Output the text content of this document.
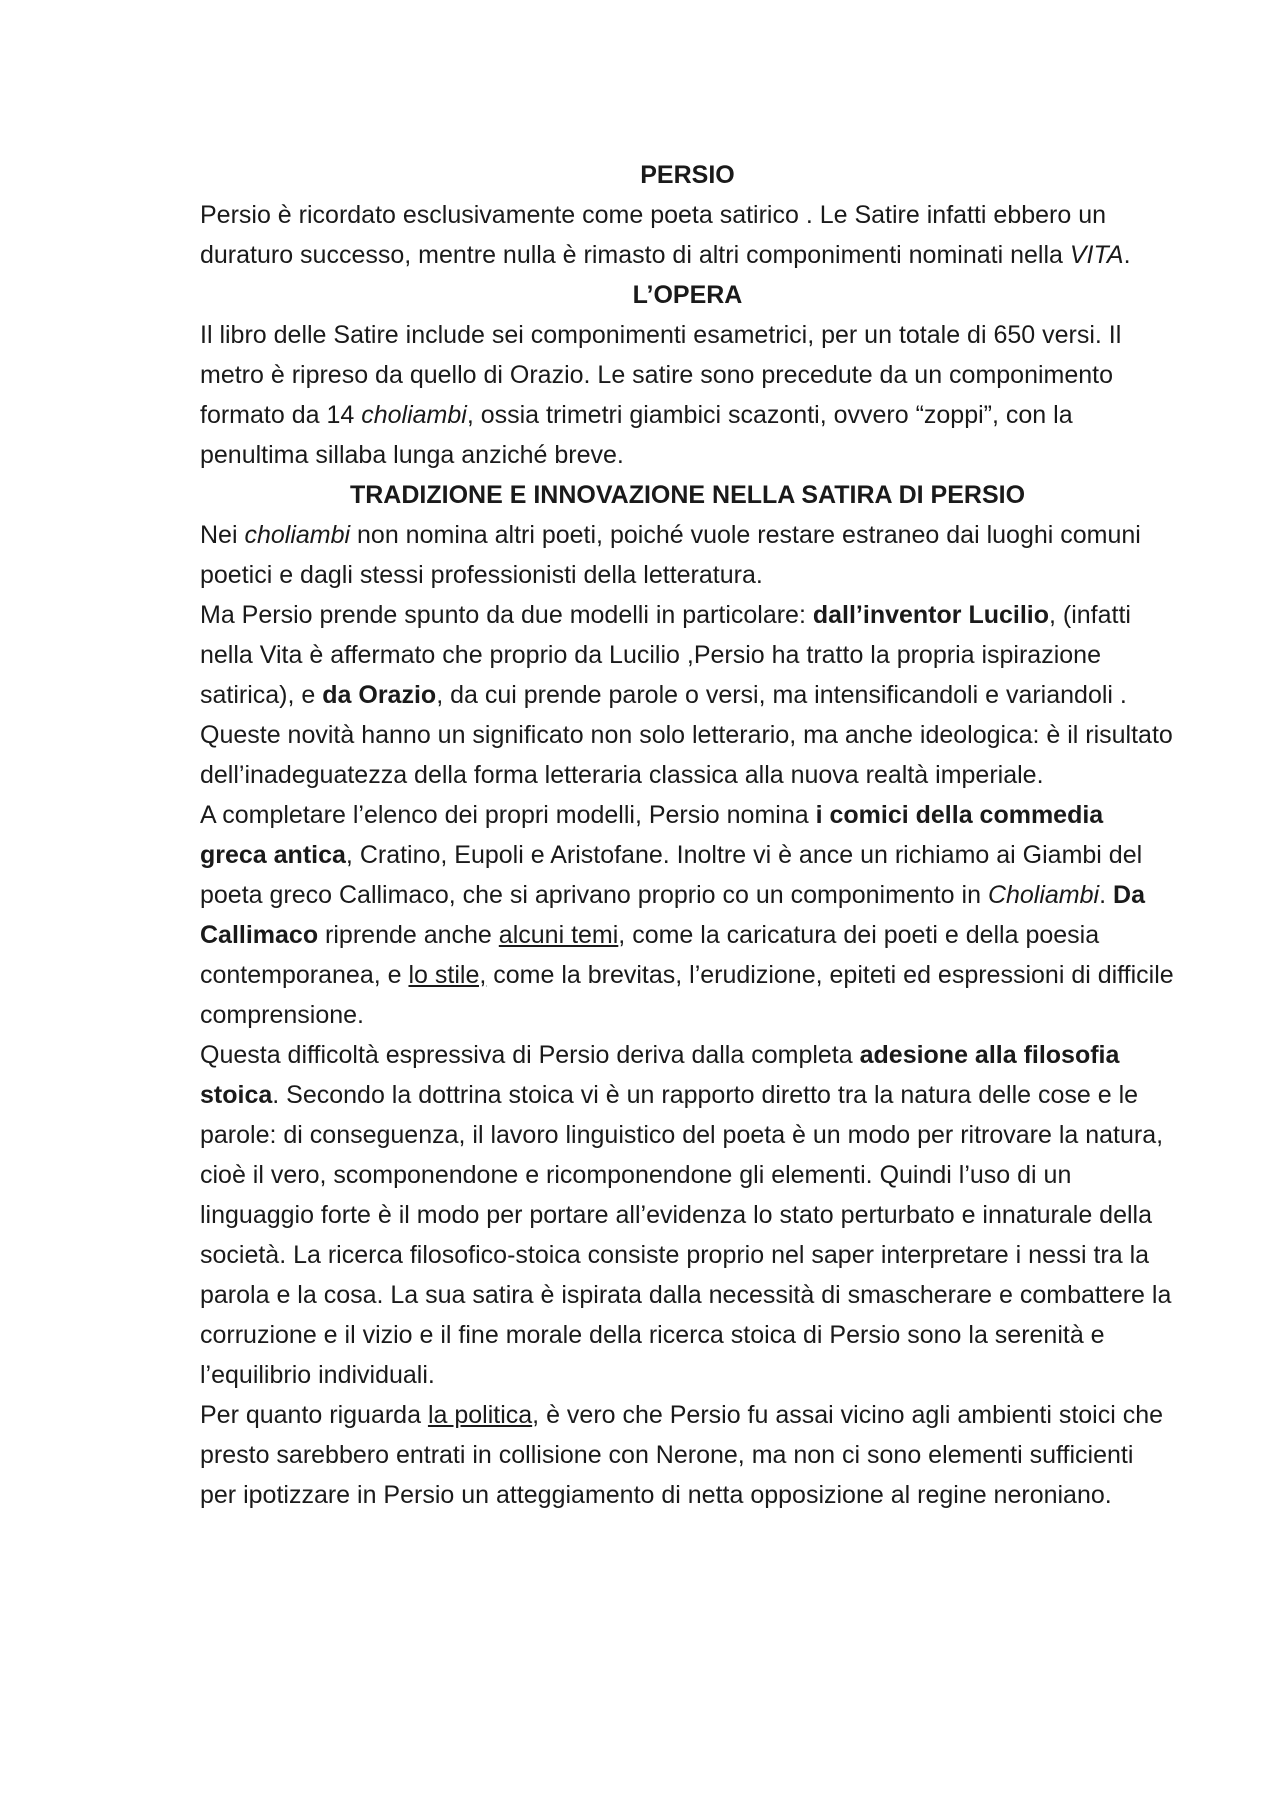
PERSIO

Persio è ricordato esclusivamente come poeta satirico . Le Satire infatti ebbero un duraturo successo, mentre nulla è rimasto di altri componimenti nominati nella VITA.

L’OPERA

Il libro delle Satire include sei componimenti esametrici, per un totale di 650 versi. Il metro è ripreso da quello di Orazio. Le satire sono precedute da un componimento formato da 14 choliambi, ossia trimetri giambici scazonti, ovvero “zoppi”, con la penultima sillaba lunga anziché breve.

TRADIZIONE E INNOVAZIONE NELLA SATIRA DI PERSIO

Nei choliambi non nomina altri poeti, poiché vuole restare estraneo dai luoghi comuni poetici e dagli stessi professionisti della letteratura.

Ma Persio prende spunto da due modelli in particolare: dall’inventor Lucilio, (infatti nella Vita è affermato che proprio da Lucilio ,Persio ha tratto la propria ispirazione satirica), e da Orazio, da cui prende parole o versi, ma intensificandoli e variandoli . Queste novità hanno un significato non solo letterario, ma anche ideologica: è il risultato dell’inadeguatezza della forma letteraria classica alla nuova realtà imperiale.

A completare l’elenco dei propri modelli, Persio nomina i comici della commedia greca antica, Cratino, Eupoli e Aristofane. Inoltre vi è ance un richiamo ai Giambi del poeta greco Callimaco, che si aprivano proprio co un componimento in Choliambi. Da Callimaco riprende anche alcuni temi, come la caricatura dei poeti e della poesia contemporanea, e lo stile, come la brevitas, l’erudizione, epiteti ed espressioni di difficile comprensione.

Questa difficoltà espressiva di Persio deriva dalla completa adesione alla filosofia stoica. Secondo la dottrina stoica vi è un rapporto diretto tra la natura delle cose e le parole: di conseguenza, il lavoro linguistico del poeta è un modo per ritrovare la natura, cioè il vero, scomponendone e ricomponendone gli elementi. Quindi l’uso di un linguaggio forte è il modo per portare all’evidenza lo stato perturbato e innaturale della società. La ricerca filosofico-stoica consiste proprio nel saper interpretare i nessi tra la parola e la cosa. La sua satira è ispirata dalla necessità di smascherare e combattere la corruzione e il vizio e il fine morale della ricerca stoica di Persio sono la serenità e l’equilibrio individuali.

Per quanto riguarda la politica, è vero che Persio fu assai vicino agli ambienti stoici che presto sarebbero entrati in collisione con Nerone, ma non ci sono elementi sufficienti per ipotizzare in Persio un atteggiamento di netta opposizione al regine neroniano.
